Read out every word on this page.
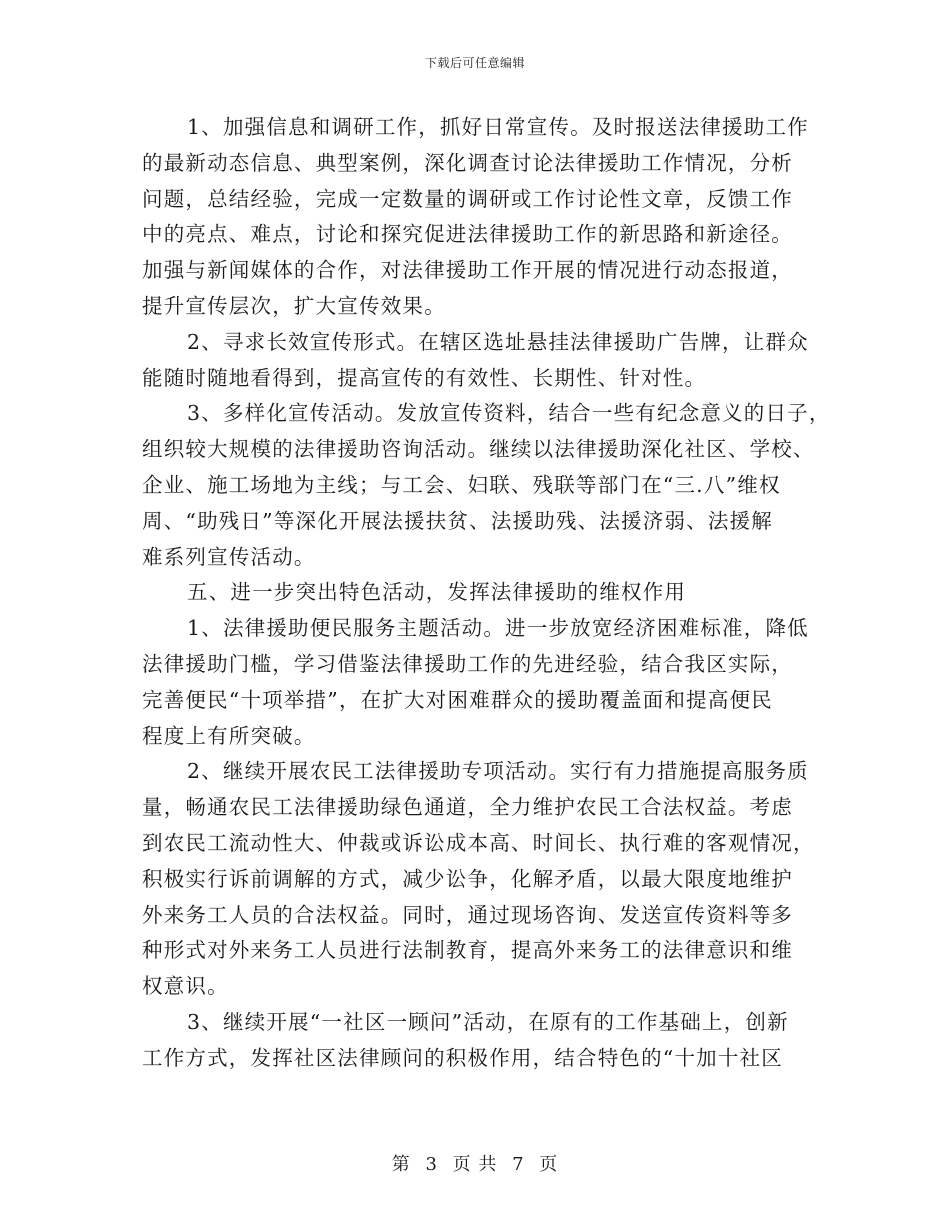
下载后可任意编辑
1、加强信息和调研工作，抓好日常宣传。及时报送法律援助工作
的最新动态信息、典型案例，深化调查讨论法律援助工作情况，分析
问题，总结经验，完成一定数量的调研或工作讨论性文章，反馈工作
中的亮点、难点，讨论和探究促进法律援助工作的新思路和新途径。
加强与新闻媒体的合作，对法律援助工作开展的情况进行动态报道，
提升宣传层次，扩大宣传效果。
2、寻求长效宣传形式。在辖区选址悬挂法律援助广告牌，让群众
能随时随地看得到，提高宣传的有效性、长期性、针对性。
3、多样化宣传活动。发放宣传资料，结合一些有纪念意义的日子，
组织较大规模的法律援助咨询活动。继续以法律援助深化社区、学校、
企业、施工场地为主线；与工会、妇联、残联等部门在“三.八”维权
周、“助残日”等深化开展法援扶贫、法援助残、法援济弱、法援解
难系列宣传活动。
五、进一步突出特色活动，发挥法律援助的维权作用
1、法律援助便民服务主题活动。进一步放宽经济困难标准，降低
法律援助门槛，学习借鉴法律援助工作的先进经验，结合我区实际，
完善便民“十项举措”，在扩大对困难群众的援助覆盖面和提高便民
程度上有所突破。
2、继续开展农民工法律援助专项活动。实行有力措施提高服务质
量，畅通农民工法律援助绿色通道，全力维护农民工合法权益。考虑
到农民工流动性大、仲裁或诉讼成本高、时间长、执行难的客观情况，
积极实行诉前调解的方式，减少讼争，化解矛盾，以最大限度地维护
外来务工人员的合法权益。同时，通过现场咨询、发送宣传资料等多
种形式对外来务工人员进行法制教育，提高外来务工的法律意识和维
权意识。
3、继续开展“一社区一顾问”活动，在原有的工作基础上，创新
工作方式，发挥社区法律顾问的积极作用，结合特色的“十加十社区
第 3 页 共 7 页
